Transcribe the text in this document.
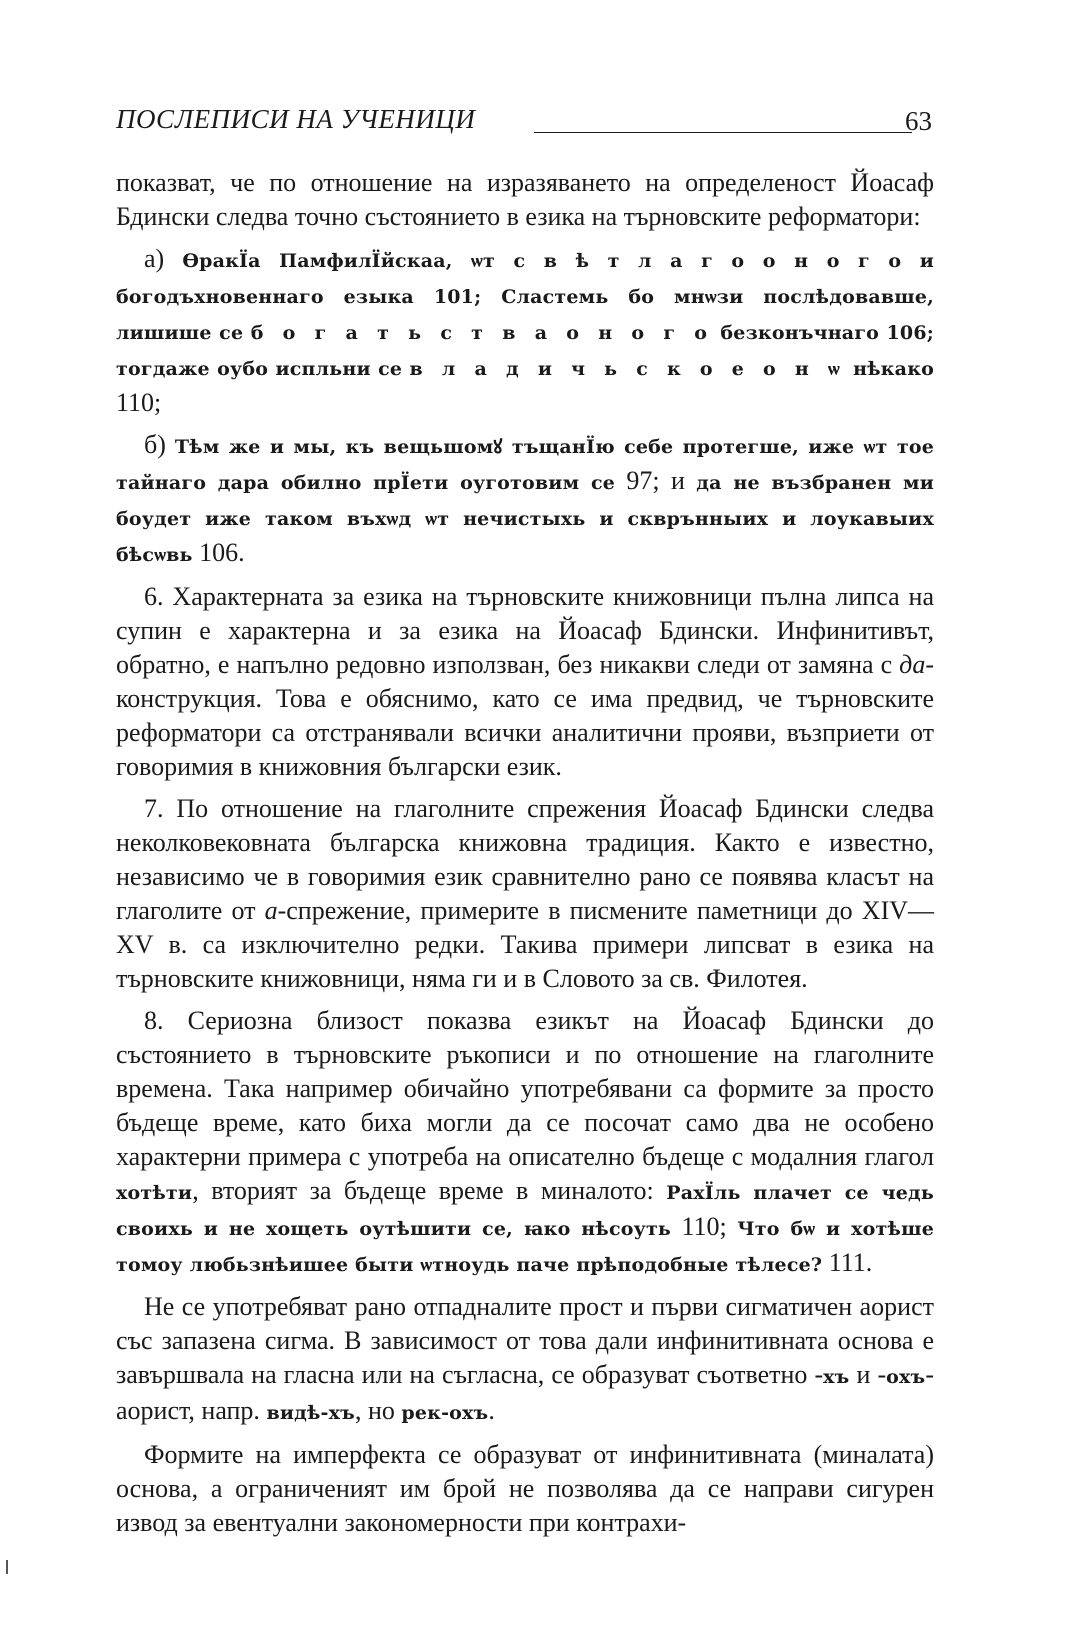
ПОСЛЕПИСИ НА УЧЕНИЦИ	63

показват, че по отношение на изразяването на определеност Йоасаф Бдински следва точно състоянието в езика на търновските реформатори:

а) ѲракЇа ПамфилЇйскаа, ѡт с в ѣ т л а г о о н о г о и богодъхновеннаго езыка 101; Сластемь бо мнѡзи послѣдовавше, лишише се б о г а т ь с т в а о н о г о безконъчнаго 106; тогдаже оубо испльни се в л а д и ч ь с к о е о н ѡ нѣкако 110;

б) Тѣм же и мы, къ вещьшомꙋ тъщанЇю себе протегше, иже ѡт тое тайнаго дара обилно прЇети оуготовим се 97; и да не възбранен ми боудет иже таком въхѡд ѡт нечистыхь и скврънныих и лоукавыих бѣсѡвь 106.

6. Характерната за езика на търновските книжовници пълна липса на супин е характерна и за езика на Йоасаф Бдински. Инфинитивът, обратно, е напълно редовно използван, без никакви следи от замяна с да-конструкция. Това е обяснимо, като се има предвид, че търновските реформатори са отстранявали всички аналитични прояви, възприети от говоримия в книжовния български език.

7. По отношение на глаголните спрежения Йоасаф Бдински следва неколковековната българска книжовна традиция. Както е известно, независимо че в говоримия език сравнително рано се появява класът на глаголите от а-спрежение, примерите в писмените паметници до XIV—XV в. са изключително редки. Такива примери липсват в езика на търновските книжовници, няма ги и в Словото за св. Филотея.

8. Сериозна близост показва езикът на Йоасаф Бдински до състоянието в търновските ръкописи и по отношение на глаголните времена. Така например обичайно употребявани са формите за просто бъдеще време, като биха могли да се посочат само два не особено характерни примера с употреба на описателно бъдеще с модалния глагол хотѣти, вторият за бъдеще време в миналото: РахЇль плачет се чедь своихь и не хощеть оутѣшити се, ꙗко нѣсоуть 110; Что бѡ и хотѣше томоу любьзнѣишее быти ѡтноудь паче прѣподобные тѣлесе? 111.

Не се употребяват рано отпадналите прост и първи сигматичен аорист със запазена сигма. В зависимост от това дали инфинитивната основа е завършвала на гласна или на съгласна, се образуват съответно -хъ и -охъ-аорист, напр. видѣ-хъ, но рек-охъ.

Формите на имперфекта се образуват от инфинитивната (миналата) основа, а ограниченият им брой не позволява да се направи сигурен извод за евентуални закономерности при контрахи-
